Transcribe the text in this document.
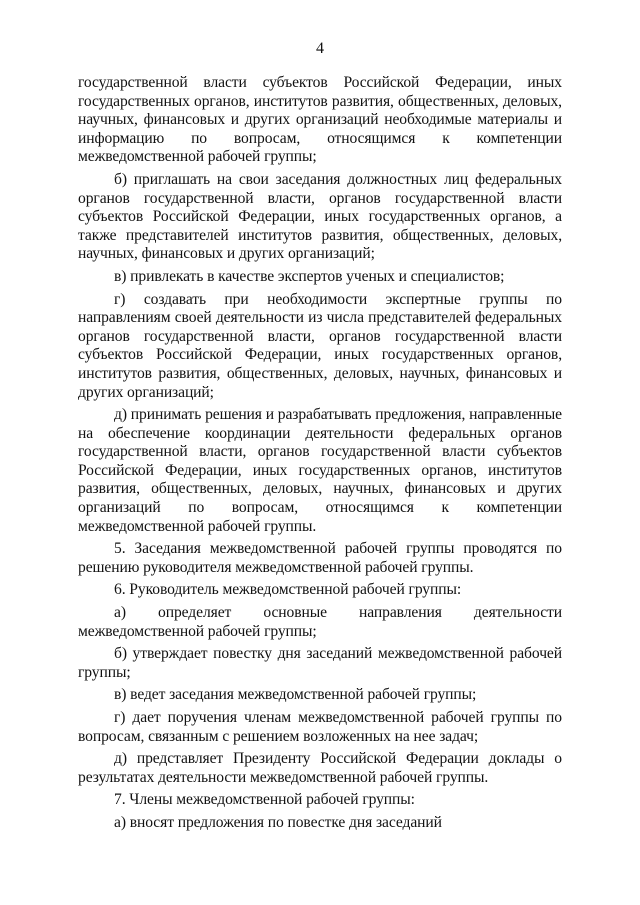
4

государственной власти субъектов Российской Федерации, иных государственных органов, институтов развития, общественных, деловых, научных, финансовых и других организаций необходимые материалы и информацию по вопросам, относящимся к компетенции межведомственной рабочей группы;

б) приглашать на свои заседания должностных лиц федеральных органов государственной власти, органов государственной власти субъектов Российской Федерации, иных государственных органов, а также представителей институтов развития, общественных, деловых, научных, финансовых и других организаций;

в) привлекать в качестве экспертов ученых и специалистов;

г) создавать при необходимости экспертные группы по направлениям своей деятельности из числа представителей федеральных органов государственной власти, органов государственной власти субъектов Российской Федерации, иных государственных органов, институтов развития, общественных, деловых, научных, финансовых и других организаций;

д) принимать решения и разрабатывать предложения, направленные на обеспечение координации деятельности федеральных органов государственной власти, органов государственной власти субъектов Российской Федерации, иных государственных органов, институтов развития, общественных, деловых, научных, финансовых и других организаций по вопросам, относящимся к компетенции межведомственной рабочей группы.

5. Заседания межведомственной рабочей группы проводятся по решению руководителя межведомственной рабочей группы.

6. Руководитель межведомственной рабочей группы:

а) определяет основные направления деятельности межведомственной рабочей группы;

б) утверждает повестку дня заседаний межведомственной рабочей группы;

в) ведет заседания межведомственной рабочей группы;

г) дает поручения членам межведомственной рабочей группы по вопросам, связанным с решением возложенных на нее задач;

д) представляет Президенту Российской Федерации доклады о результатах деятельности межведомственной рабочей группы.

7. Члены межведомственной рабочей группы:

а) вносят предложения по повестке дня заседаний
